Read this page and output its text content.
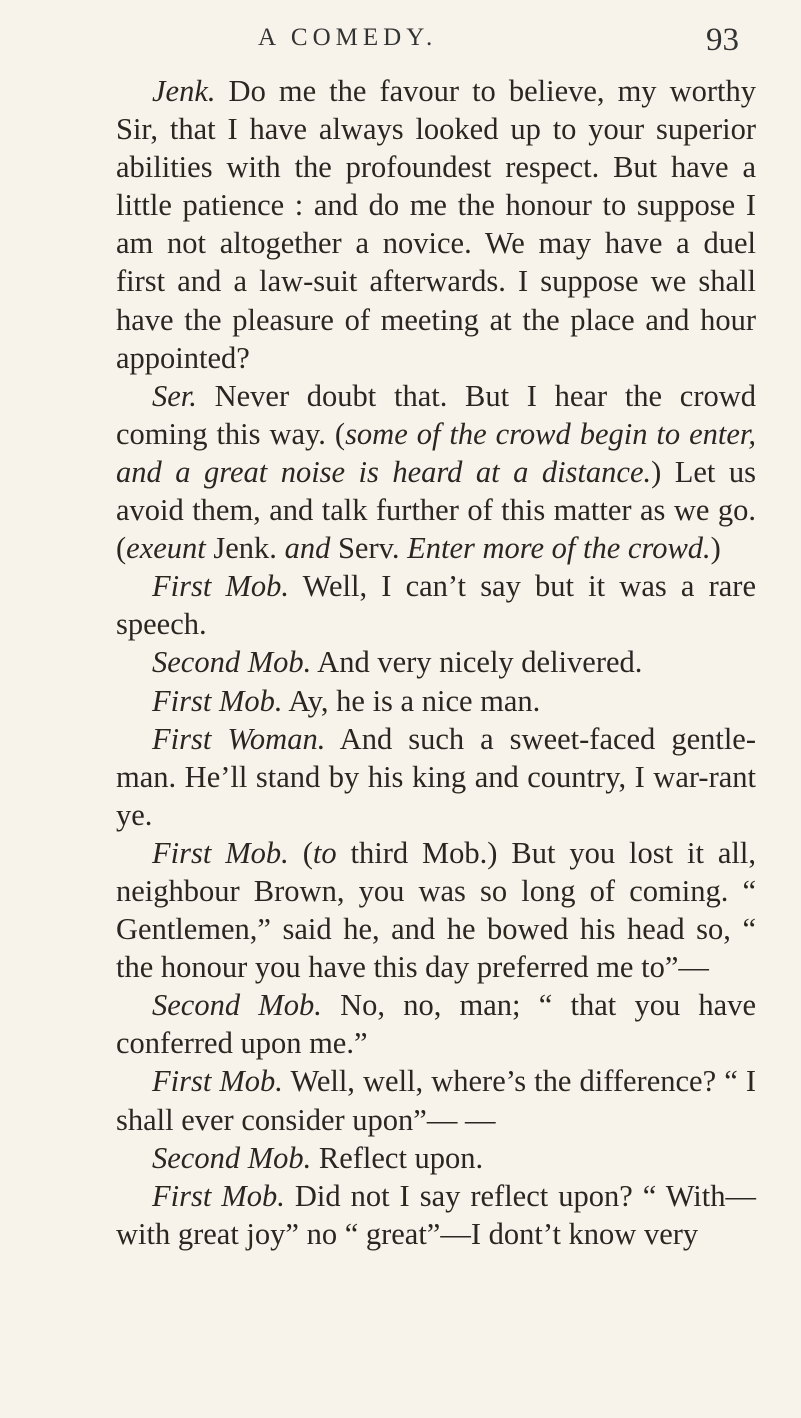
A COMEDY.	93

Jenk. Do me the favour to believe, my worthy Sir, that I have always looked up to your superior abilities with the profoundest respect. But have a little patience : and do me the honour to suppose I am not altogether a novice. We may have a duel first and a law-suit afterwards. I suppose we shall have the pleasure of meeting at the place and hour appointed?

Ser. Never doubt that. But I hear the crowd coming this way. (some of the crowd begin to enter, and a great noise is heard at a distance.) Let us avoid them, and talk further of this matter as we go. (exeunt Jenk. and Serv. Enter more of the crowd.)

First Mob. Well, I can’t say but it was a rare speech.

Second Mob. And very nicely delivered.

First Mob. Ay, he is a nice man.

First Woman. And such a sweet-faced gentle-man. He’ll stand by his king and country, I war-rant ye.

First Mob. (to third Mob.) But you lost it all, neighbour Brown, you was so long of coming. “ Gentlemen,” said he, and he bowed his head so, “ the honour you have this day preferred me to”—

Second Mob. No, no, man; “ that you have conferred upon me.”

First Mob. Well, well, where’s the difference? “ I shall ever consider upon”— —

Second Mob. Reflect upon.

First Mob. Did not I say reflect upon? “ With—with great joy” no “ great”—I dont’t know very
